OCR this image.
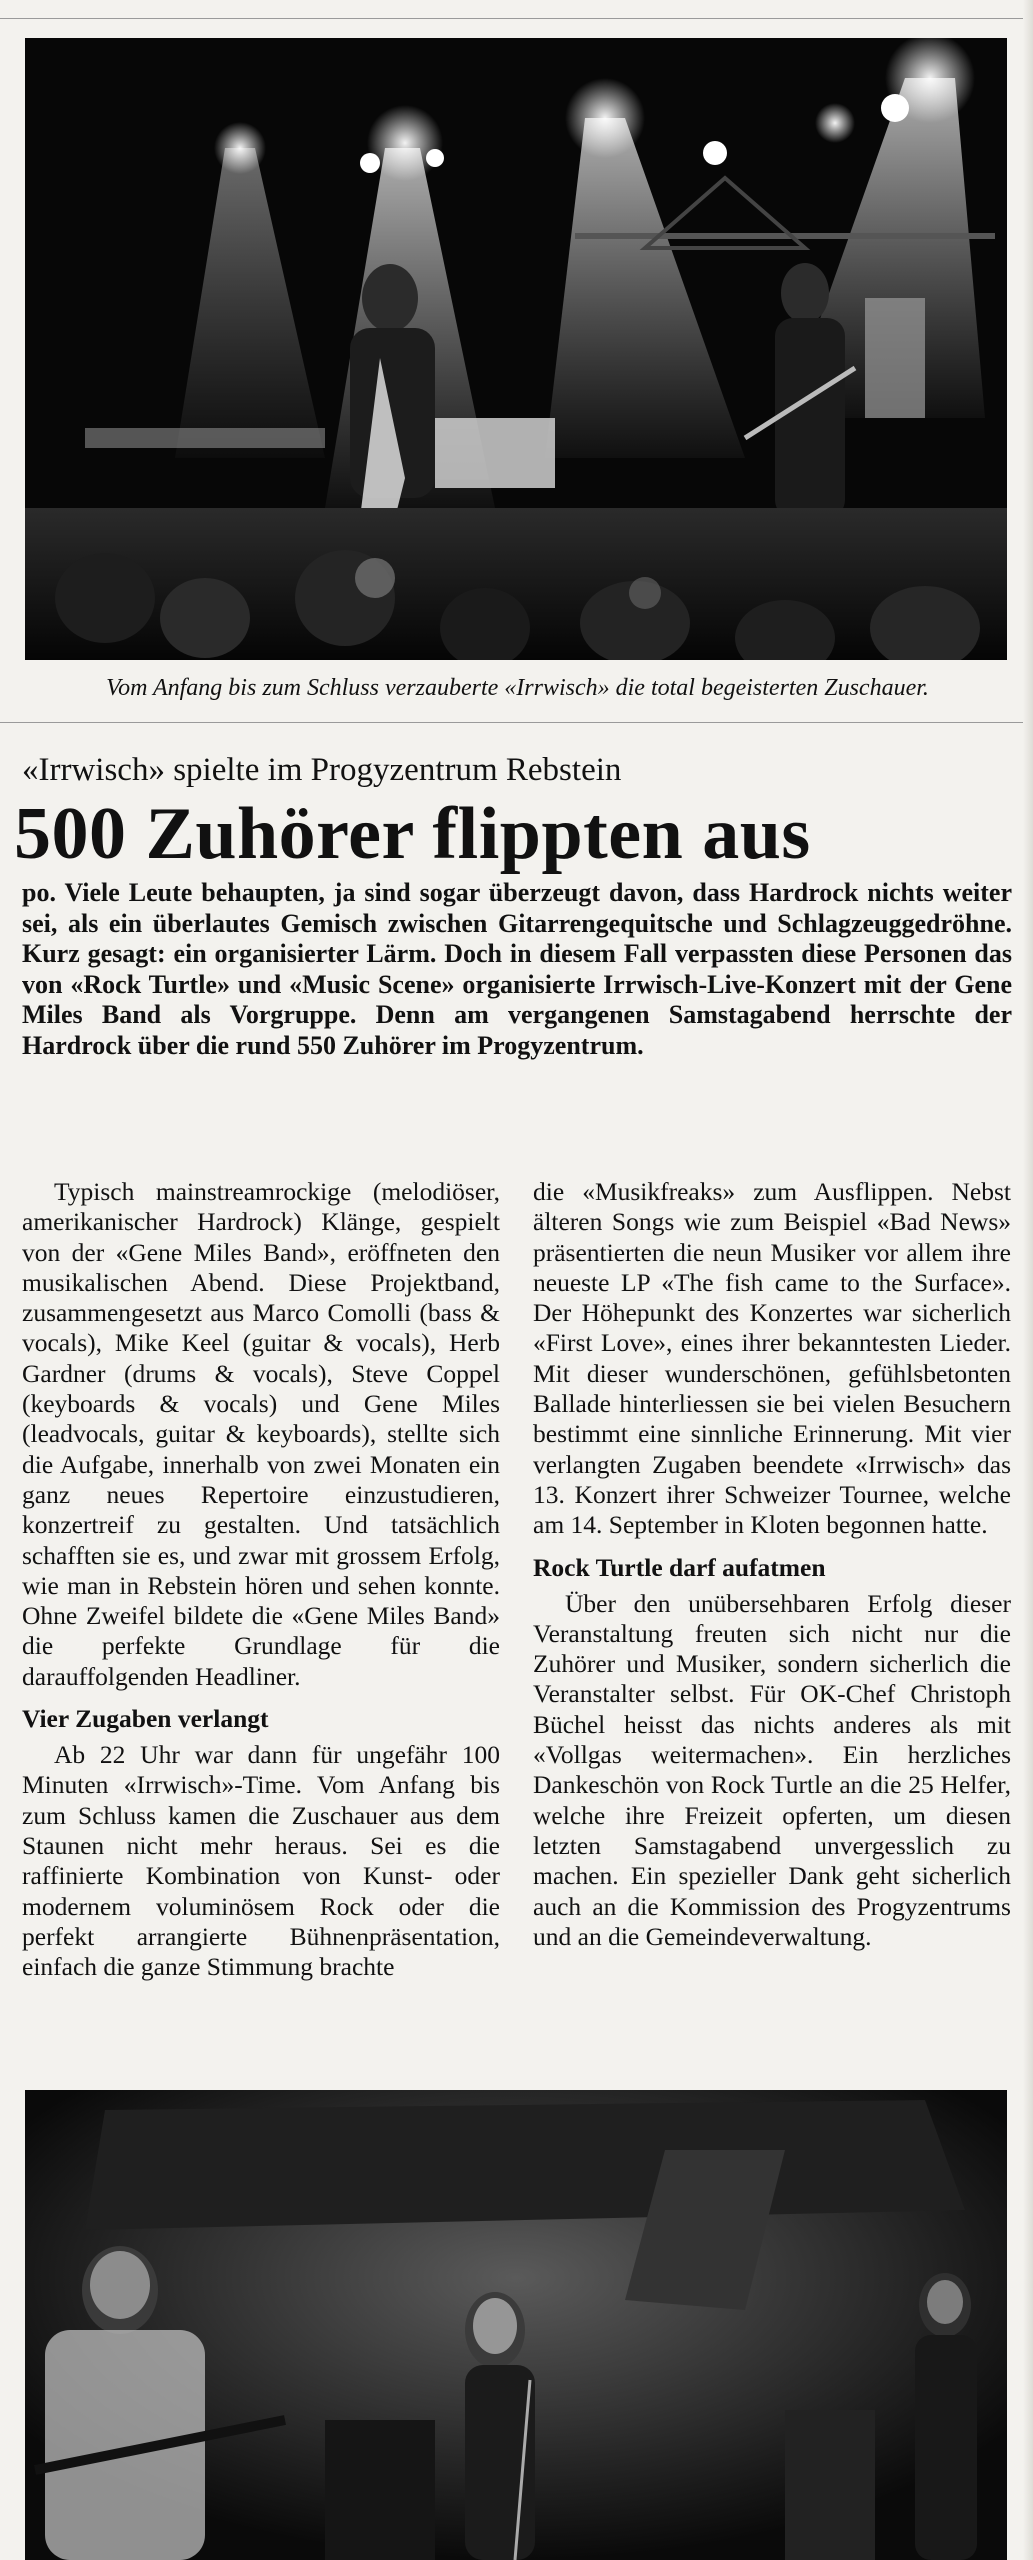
Vom Anfang bis zum Schluss verzauberte «Irrwisch» die total begeisterten Zuschauer.
«Irrwisch» spielte im Progyzentrum Rebstein
500 Zuhörer flippten aus

po. Viele Leute behaupten, ja sind sogar überzeugt davon, dass Hardrock nichts weiter sei, als ein überlautes Gemisch zwischen Gitarrengequitsche und Schlagzeuggedröhne. Kurz gesagt: ein organisierter Lärm. Doch in diesem Fall verpassten diese Personen das von «Rock Turtle» und «Music Scene» organisierte Irrwisch-Live-Konzert mit der Gene Miles Band als Vorgruppe. Denn am vergangenen Samstagabend herrschte der Hardrock über die rund 550 Zuhörer im Progyzentrum.

Typisch mainstreamrockige (melodiöser, amerikanischer Hardrock) Klänge, gespielt von der «Gene Miles Band», eröffneten den musikalischen Abend. Diese Projektband, zusammengesetzt aus Marco Comolli (bass & vocals), Mike Keel (guitar & vocals), Herb Gardner (drums & vocals), Steve Coppel (keyboards & vocals) und Gene Miles (leadvocals, guitar & keyboards), stellte sich die Aufgabe, innerhalb von zwei Monaten ein ganz neues Repertoire einzustudieren, konzertreif zu gestalten. Und tatsächlich schafften sie es, und zwar mit grossem Erfolg, wie man in Rebstein hören und sehen konnte. Ohne Zweifel bildete die «Gene Miles Band» die perfekte Grundlage für die darauffolgenden Headliner.

Vier Zugaben verlangt

Ab 22 Uhr war dann für ungefähr 100 Minuten «Irrwisch»-Time. Vom Anfang bis zum Schluss kamen die Zuschauer aus dem Staunen nicht mehr heraus. Sei es die raffinierte Kombination von Kunst- oder modernem voluminösem Rock oder die perfekt arrangierte Bühnenpräsentation, einfach die ganze Stimmung brachte

die «Musikfreaks» zum Ausflippen. Nebst älteren Songs wie zum Beispiel «Bad News» präsentierten die neun Musiker vor allem ihre neueste LP «The fish came to the Surface». Der Höhepunkt des Konzertes war sicherlich «First Love», eines ihrer bekanntesten Lieder. Mit dieser wunderschönen, gefühlsbetonten Ballade hinterliessen sie bei vielen Besuchern bestimmt eine sinnliche Erinnerung. Mit vier verlangten Zugaben beendete «Irrwisch» das 13. Konzert ihrer Schweizer Tournee, welche am 14. September in Kloten begonnen hatte.

Rock Turtle darf aufatmen

Über den unübersehbaren Erfolg dieser Veranstaltung freuten sich nicht nur die Zuhörer und Musiker, sondern sicherlich die Veranstalter selbst. Für OK-Chef Christoph Büchel heisst das nichts anderes als mit «Vollgas weitermachen». Ein herzliches Dankeschön von Rock Turtle an die 25 Helfer, welche ihre Freizeit opferten, um diesen letzten Samstagabend unvergesslich zu machen. Ein spezieller Dank geht sicherlich auch an die Kommission des Progyzentrums und an die Gemeindeverwaltung.
